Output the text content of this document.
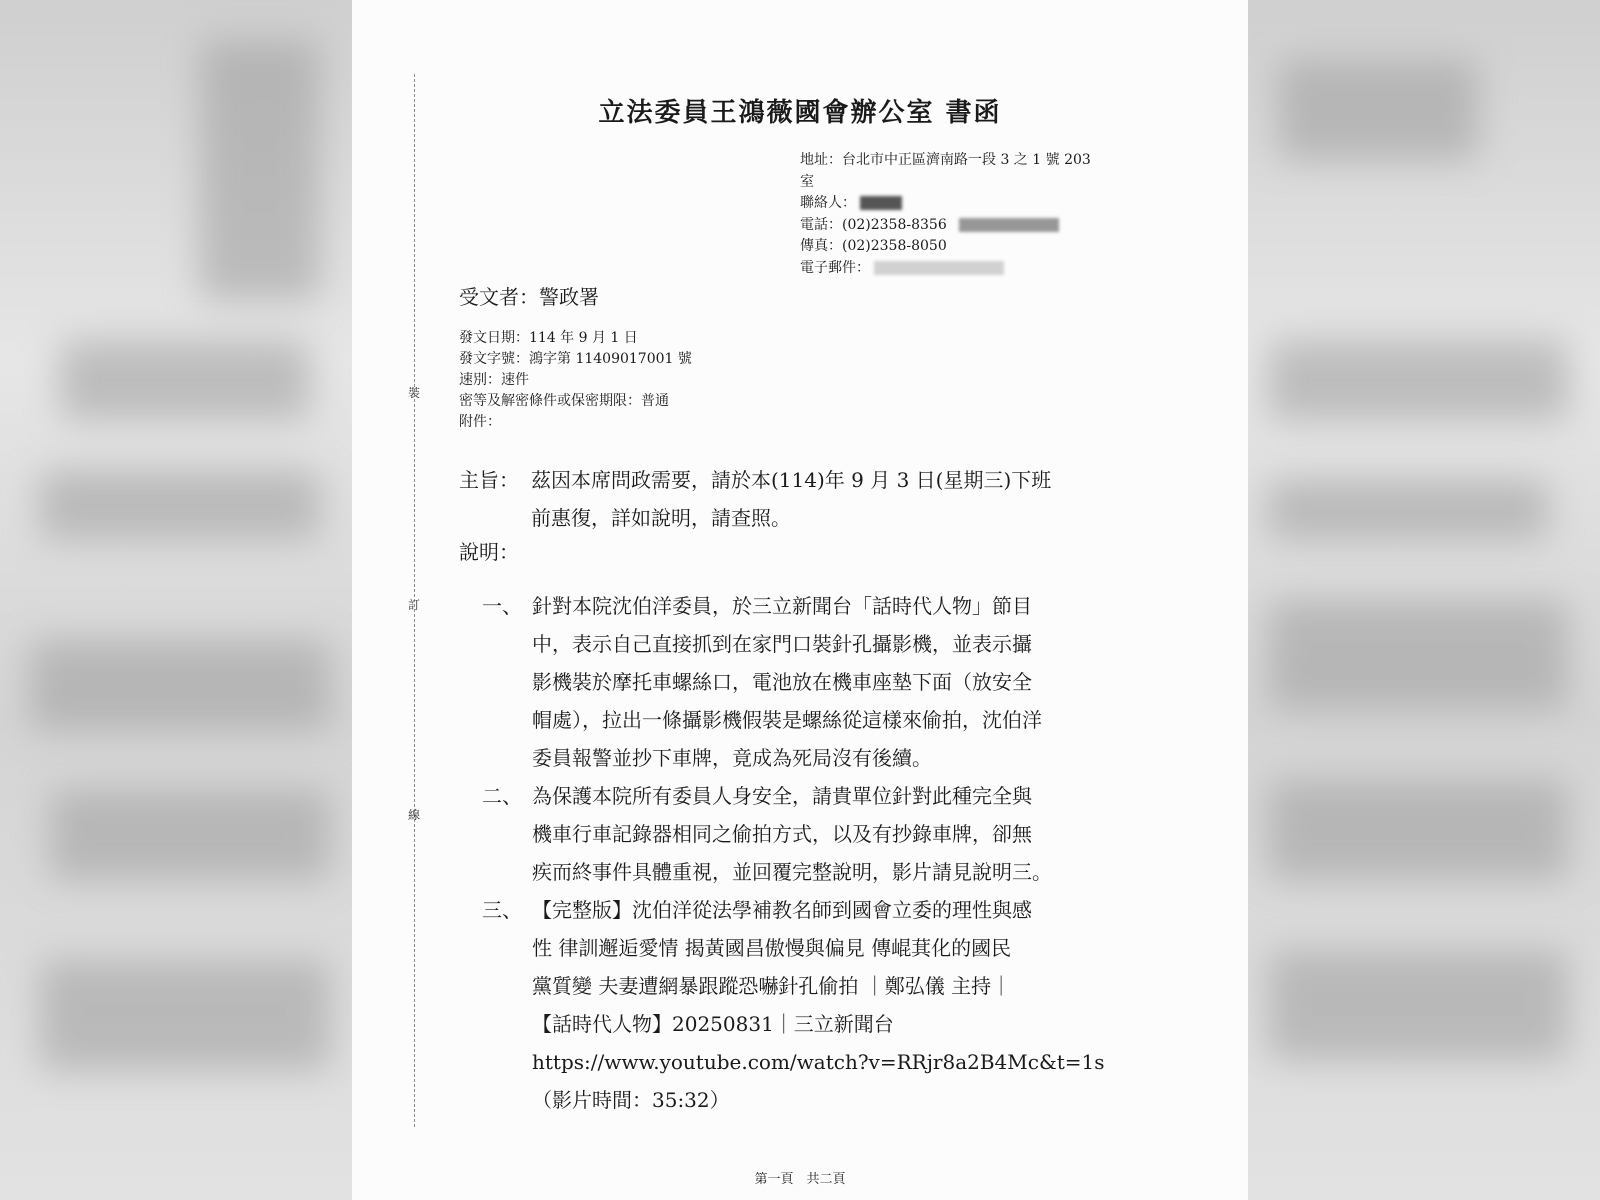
裝
訂
線
立法委員王鴻薇國會辦公室 書函
地址：台北市中正區濟南路一段 3 之 1 號 203
室
聯絡人：
電話：(02)2358-8356
傳真：(02)2358-8050
電子郵件：
受文者：警政署
發文日期：114 年 9 月 1 日
發文字號：鴻字第 11409017001 號
速別：速件
密等及解密條件或保密期限：普通
附件：
主旨： 茲因本席問政需要，請於本(114)年 9 月 3 日(星期三)下班
前惠復，詳如說明，請查照。
說明：
一、 針對本院沈伯洋委員，於三立新聞台「話時代人物」節目
中，表示自己直接抓到在家門口裝針孔攝影機，並表示攝
影機裝於摩托車螺絲口，電池放在機車座墊下面（放安全
帽處），拉出一條攝影機假裝是螺絲從這樣來偷拍，沈伯洋
委員報警並抄下車牌，竟成為死局沒有後續。
二、 為保護本院所有委員人身安全，請貴單位針對此種完全與
機車行車記錄器相同之偷拍方式，以及有抄錄車牌，卻無
疾而終事件具體重視，並回覆完整說明，影片請見說明三。
三、 【完整版】沈伯洋從法學補教名師到國會立委的理性與感
性 律訓邂逅愛情 揭黃國昌傲慢與偏見 傳崐萁化的國民
黨質變 夫妻遭網暴跟蹤恐嚇針孔偷拍 ｜鄭弘儀 主持｜
【話時代人物】20250831｜三立新聞台
https://www.youtube.com/watch?v=RRjr8a2B4Mc&t=1s
（影片時間：35:32）
第一頁　共二頁
